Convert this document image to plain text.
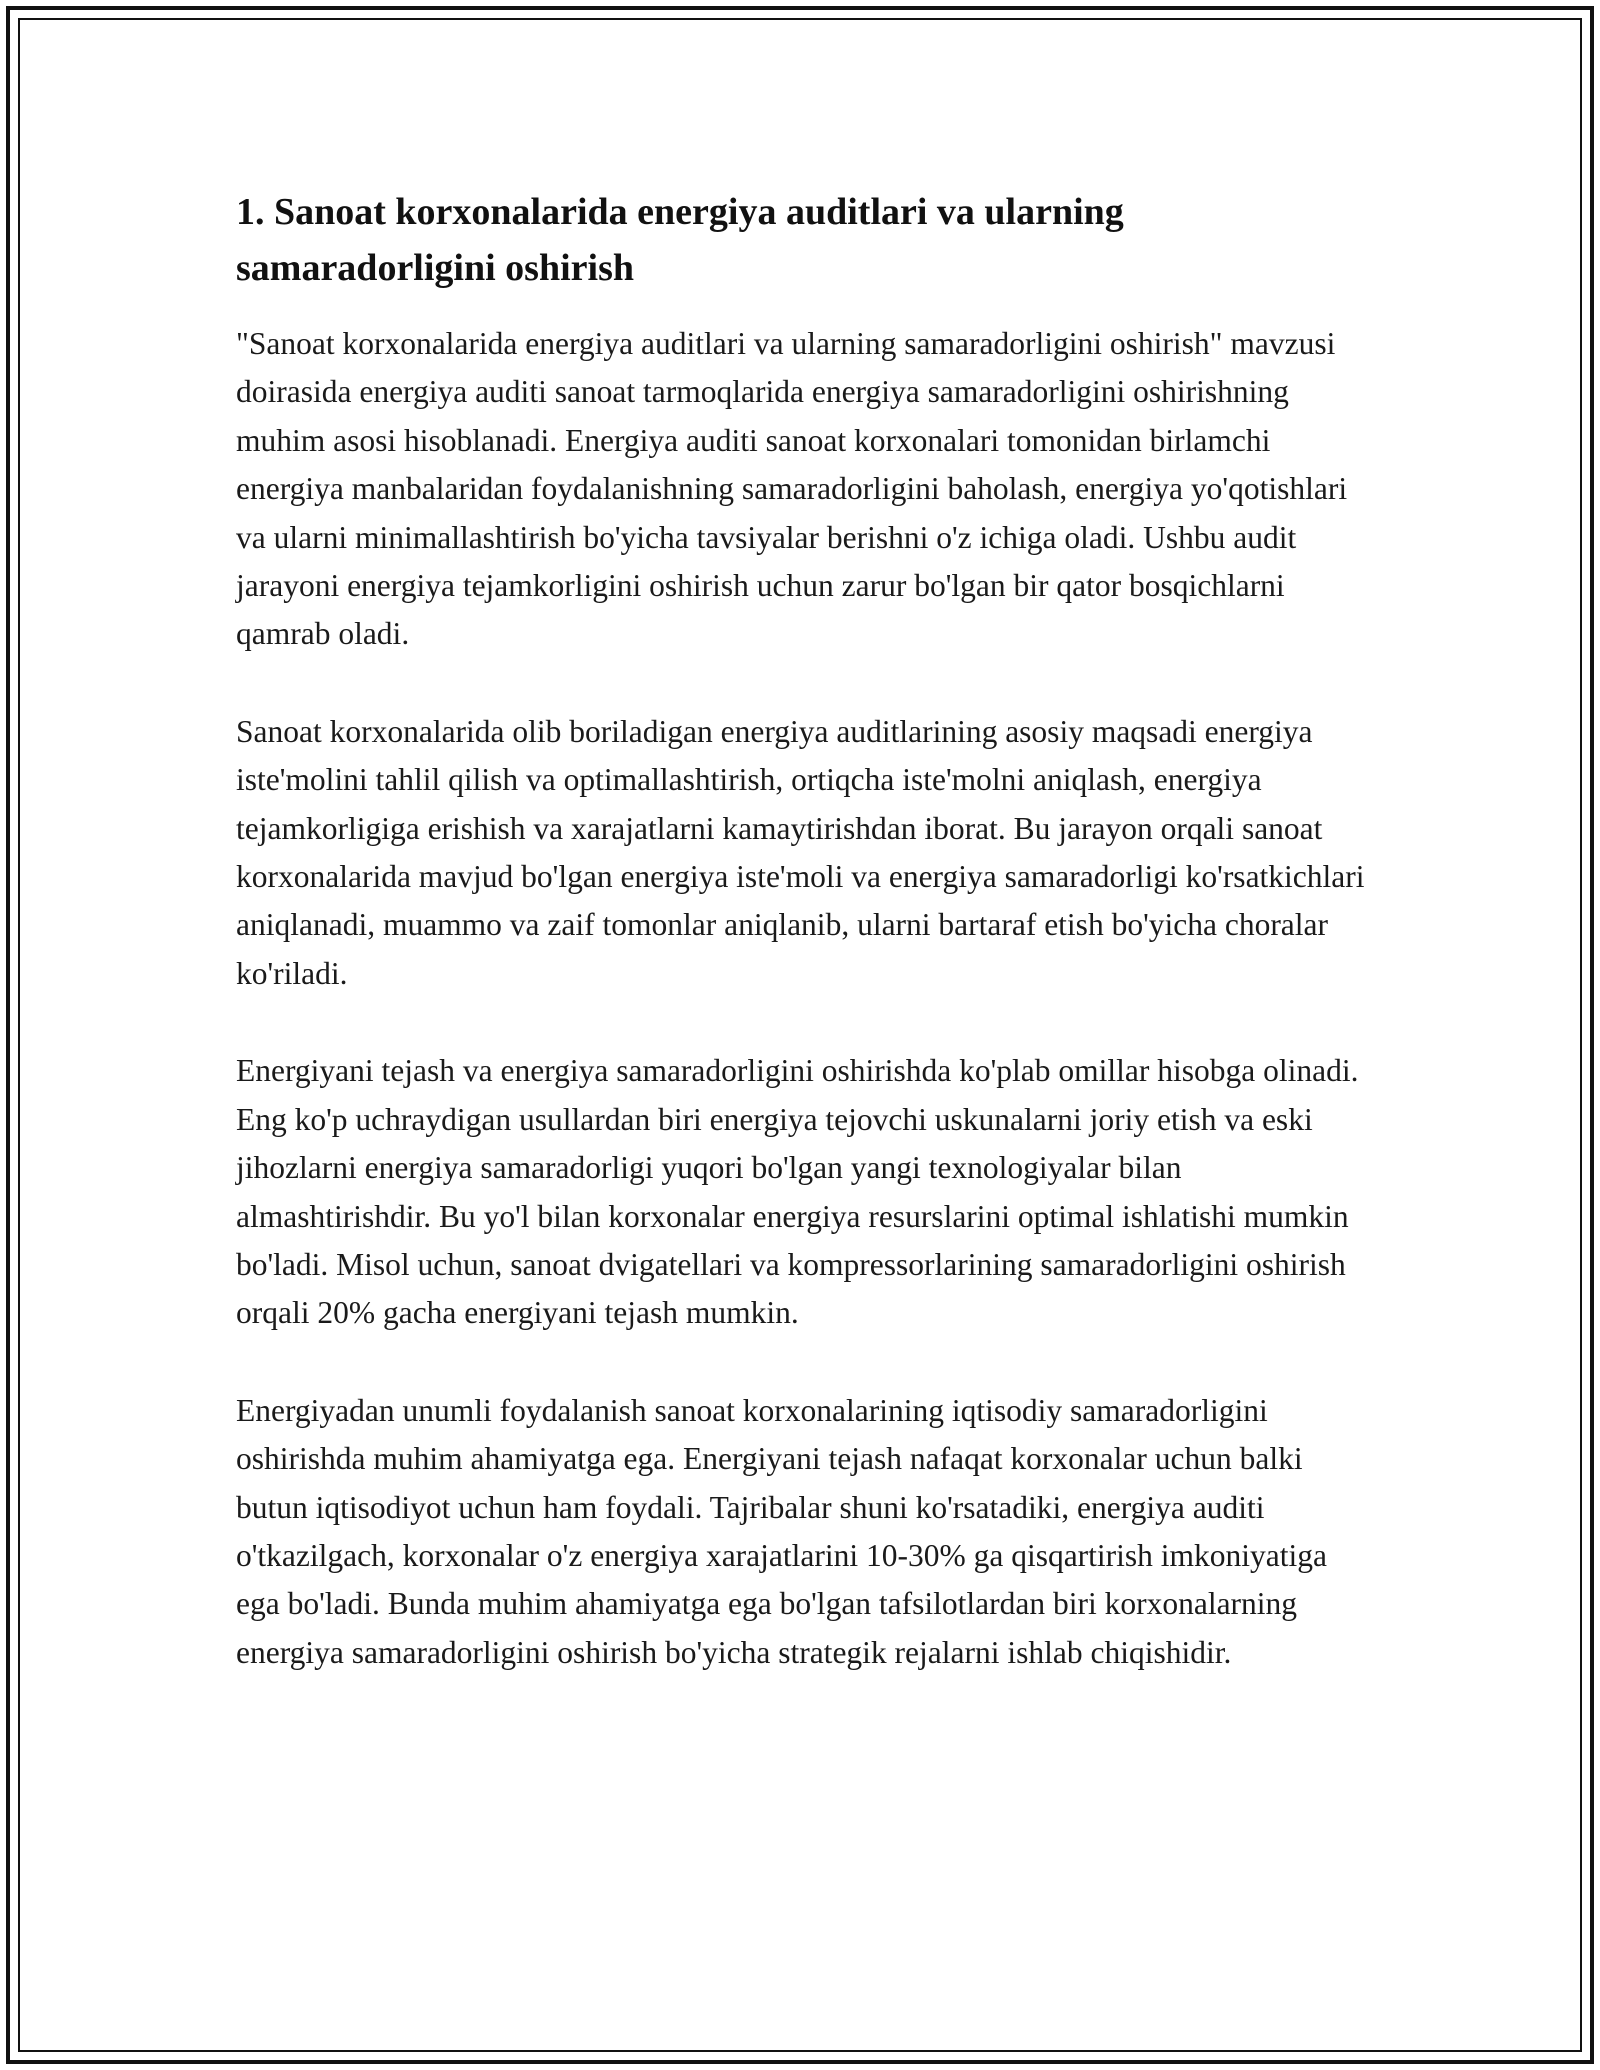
1. Sanoat korxonalarida energiya auditlari va ularning samaradorligini oshirish

"Sanoat korxonalarida energiya auditlari va ularning samaradorligini oshirish" mavzusi doirasida energiya auditi sanoat tarmoqlarida energiya samaradorligini oshirishning muhim asosi hisoblanadi. Energiya auditi sanoat korxonalari tomonidan birlamchi energiya manbalaridan foydalanishning samaradorligini baholash, energiya yo'qotishlari va ularni minimallashtirish bo'yicha tavsiyalar berishni o'z ichiga oladi. Ushbu audit jarayoni energiya tejamkorligini oshirish uchun zarur bo'lgan bir qator bosqichlarni qamrab oladi.

Sanoat korxonalarida olib boriladigan energiya auditlarining asosiy maqsadi energiya iste'molini tahlil qilish va optimallashtirish, ortiqcha iste'molni aniqlash, energiya tejamkorligiga erishish va xarajatlarni kamaytirishdan iborat. Bu jarayon orqali sanoat korxonalarida mavjud bo'lgan energiya iste'moli va energiya samaradorligi ko'rsatkichlari aniqlanadi, muammo va zaif tomonlar aniqlanib, ularni bartaraf etish bo'yicha choralar ko'riladi.

Energiyani tejash va energiya samaradorligini oshirishda ko'plab omillar hisobga olinadi. Eng ko'p uchraydigan usullardan biri energiya tejovchi uskunalarni joriy etish va eski jihozlarni energiya samaradorligi yuqori bo'lgan yangi texnologiyalar bilan almashtirishdir. Bu yo'l bilan korxonalar energiya resurslarini optimal ishlatishi mumkin bo'ladi. Misol uchun, sanoat dvigatellari va kompressorlarining samaradorligini oshirish orqali 20% gacha energiyani tejash mumkin.

Energiyadan unumli foydalanish sanoat korxonalarining iqtisodiy samaradorligini oshirishda muhim ahamiyatga ega. Energiyani tejash nafaqat korxonalar uchun balki butun iqtisodiyot uchun ham foydali. Tajribalar shuni ko'rsatadiki, energiya auditi o'tkazilgach, korxonalar o'z energiya xarajatlarini 10-30% ga qisqartirish imkoniyatiga ega bo'ladi. Bunda muhim ahamiyatga ega bo'lgan tafsilotlardan biri korxonalarning energiya samaradorligini oshirish bo'yicha strategik rejalarni ishlab chiqishidir.
